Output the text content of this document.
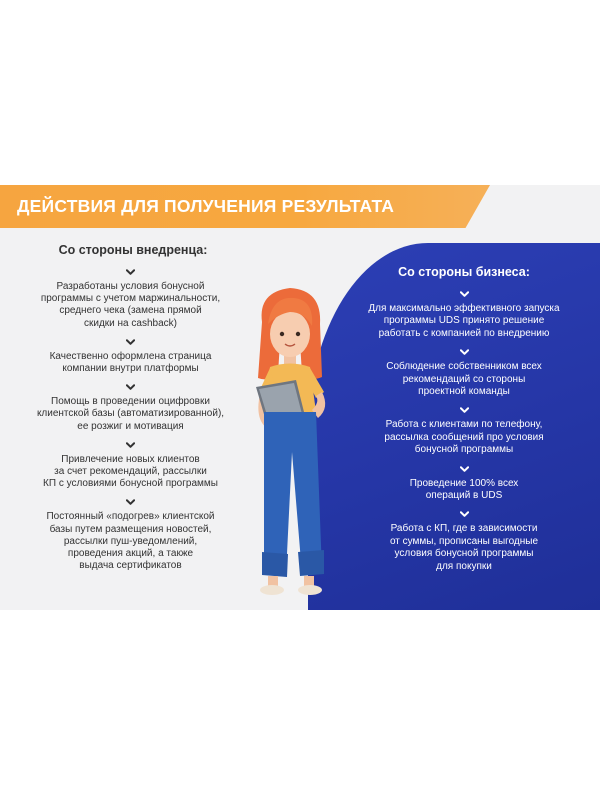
ДЕЙСТВИЯ ДЛЯ ПОЛУЧЕНИЯ РЕЗУЛЬТАТА
Со стороны внедренца:
Разработаны условия бонусной
программы с учетом маржинальности,
среднего чека (замена прямой
скидки на cashback)
Качественно оформлена страница
компании внутри платформы
Помощь в проведении оцифровки
клиентской базы (автоматизированной),
ее розжиг и мотивация
Привлечение новых клиентов
за счет рекомендаций, рассылки
КП с условиями бонусной программы
Постоянный «подогрев» клиентской
базы путем размещения новостей,
рассылки пуш-уведомлений,
проведения акций, а также
выдача сертификатов
Со стороны бизнеса:
Для максимально эффективного запуска
программы UDS принято решение
работать с компанией по внедрению
Соблюдение собственником всех
рекомендаций со стороны
проектной команды
Работа с клиентами по телефону,
рассылка сообщений про условия
бонусной программы
Проведение 100% всех
операций в UDS
Работа с КП, где в зависимости
от суммы, прописаны выгодные
условия бонусной программы
для покупки
